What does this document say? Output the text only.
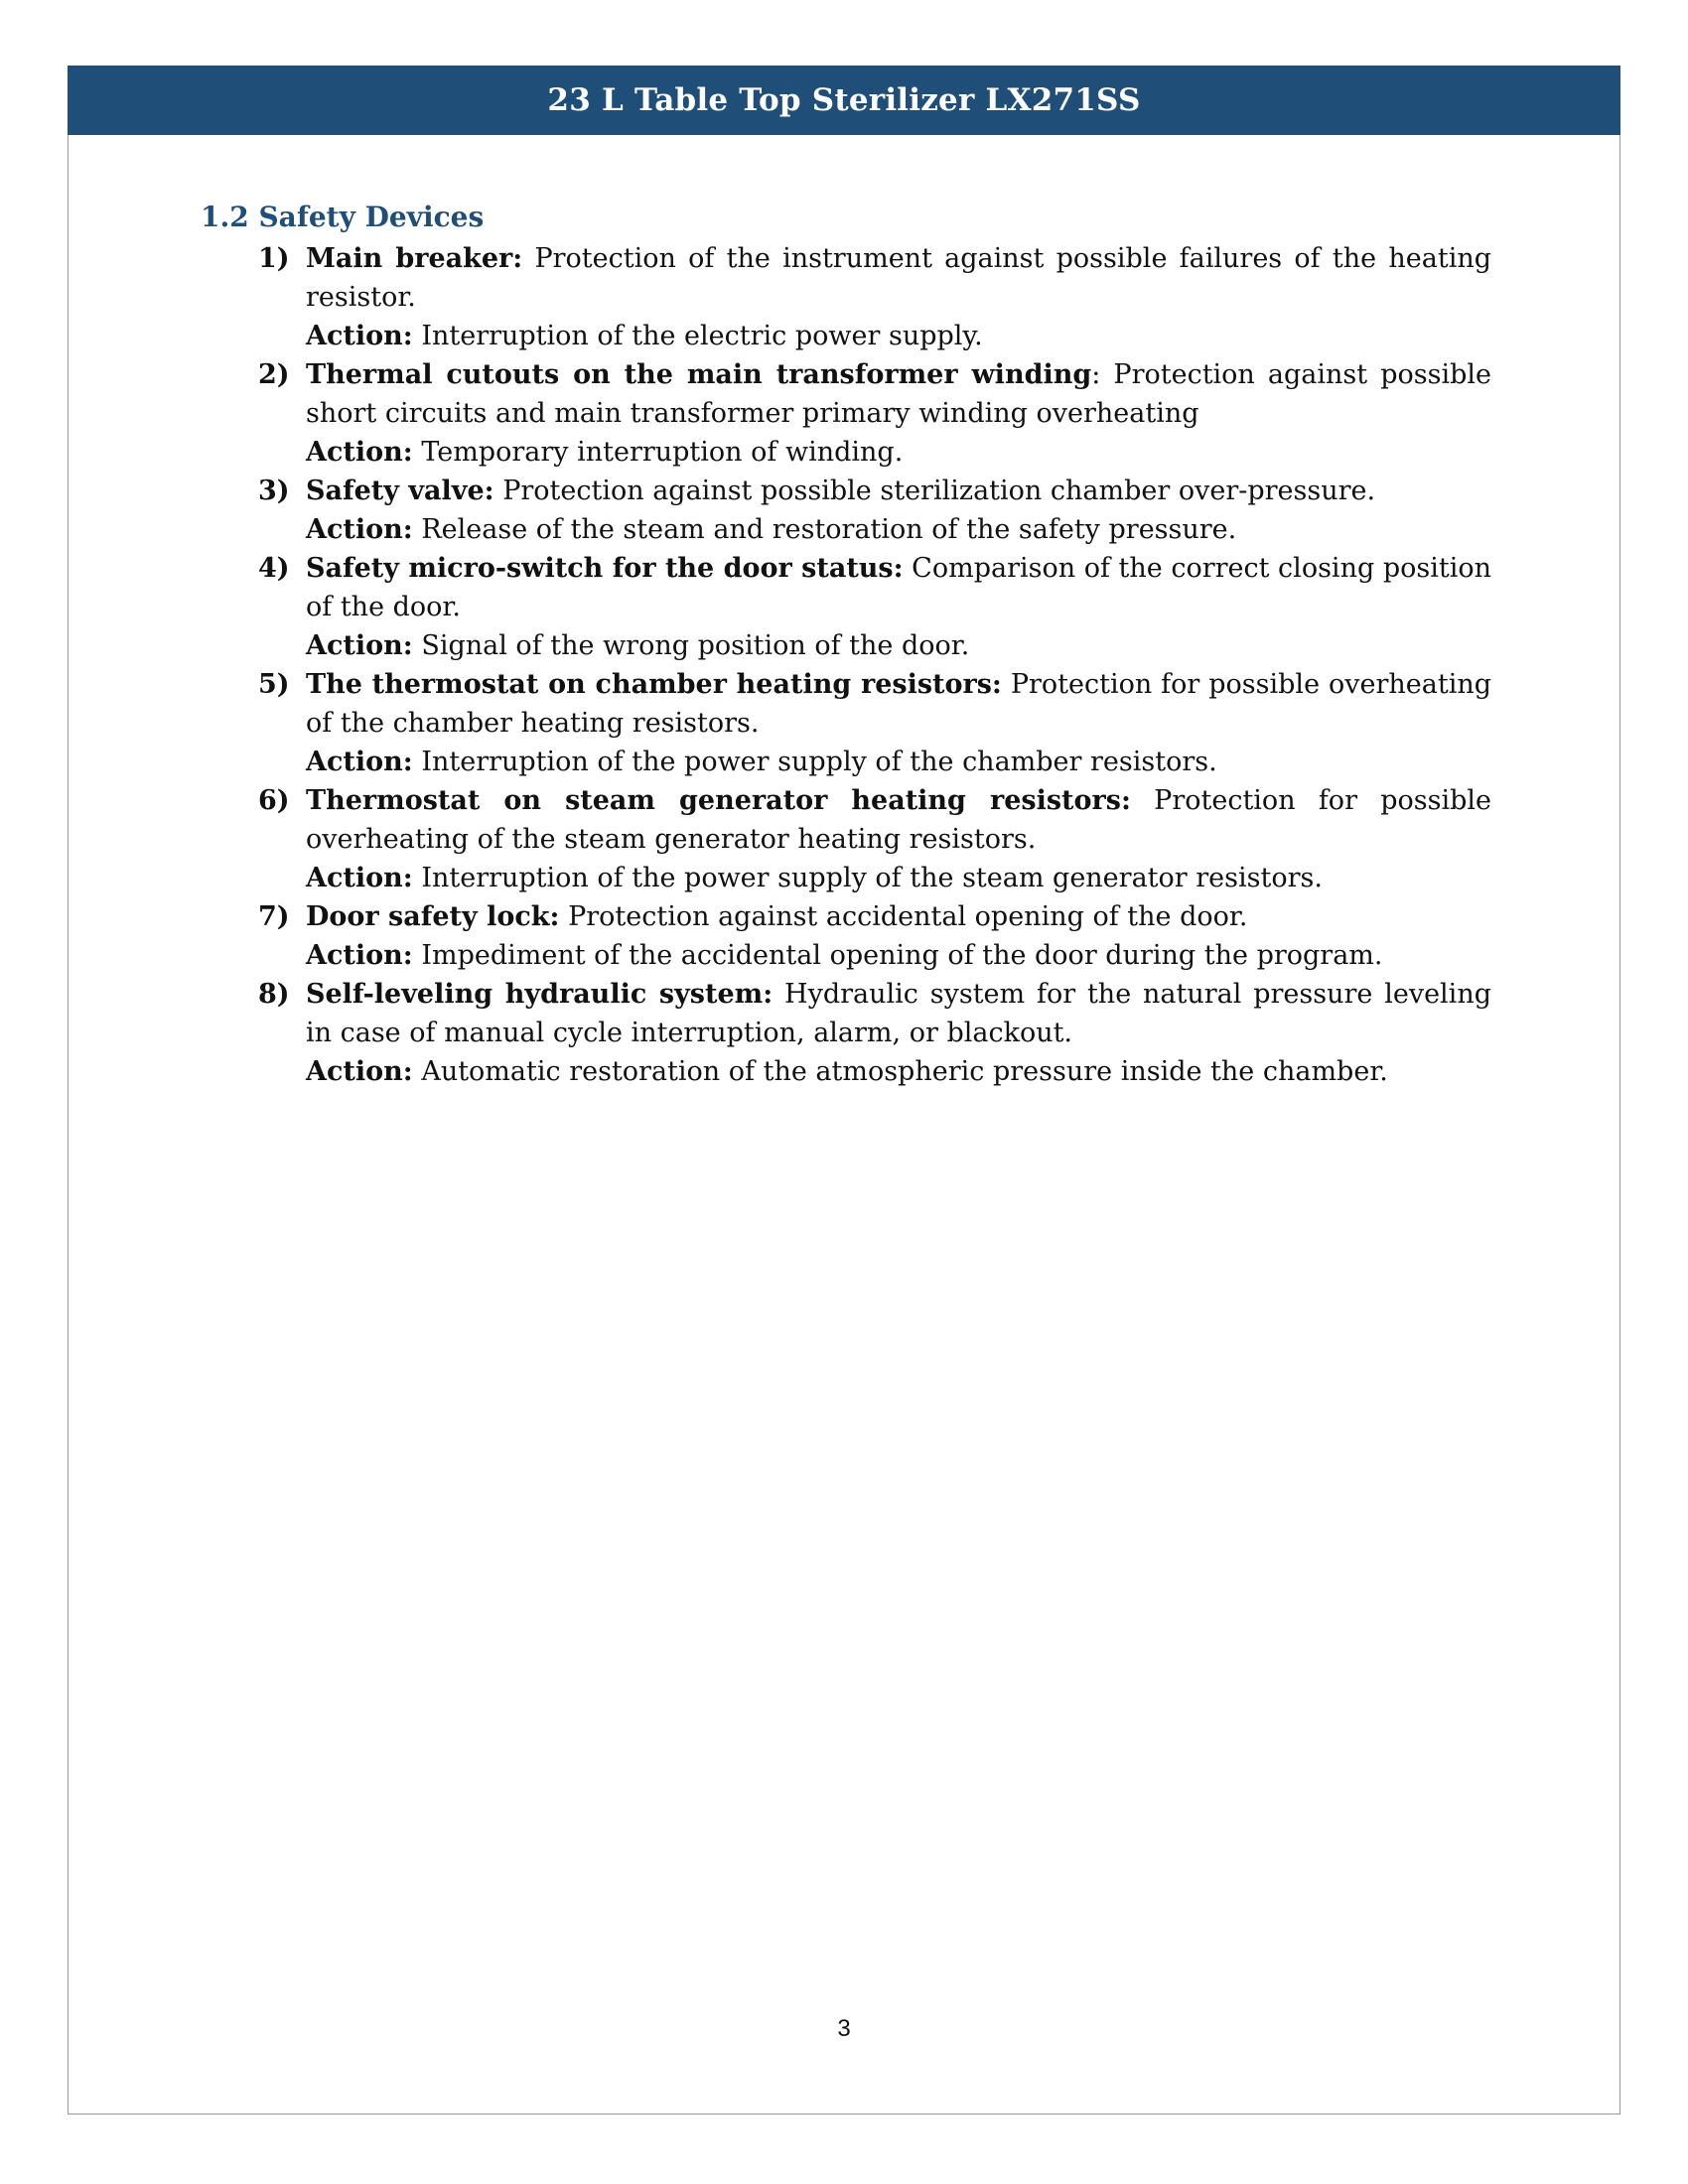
23 L Table Top Sterilizer LX271SS
1.2 Safety Devices
1) Main breaker: Protection of the instrument against possible failures of the heating resistor.

Action: Interruption of the electric power supply.

2) Thermal cutouts on the main transformer winding: Protection against possible short circuits and main transformer primary winding overheating

Action: Temporary interruption of winding.

3) Safety valve: Protection against possible sterilization chamber over-pressure.

Action: Release of the steam and restoration of the safety pressure.

4) Safety micro-switch for the door status: Comparison of the correct closing position of the door.

Action: Signal of the wrong position of the door.

5) The thermostat on chamber heating resistors: Protection for possible overheating of the chamber heating resistors.

Action: Interruption of the power supply of the chamber resistors.

6) Thermostat on steam generator heating resistors: Protection for possible overheating of the steam generator heating resistors.

Action: Interruption of the power supply of the steam generator resistors.

7) Door safety lock: Protection against accidental opening of the door.

Action: Impediment of the accidental opening of the door during the program.

8) Self-leveling hydraulic system: Hydraulic system for the natural pressure leveling in case of manual cycle interruption, alarm, or blackout.

Action: Automatic restoration of the atmospheric pressure inside the chamber.

3
